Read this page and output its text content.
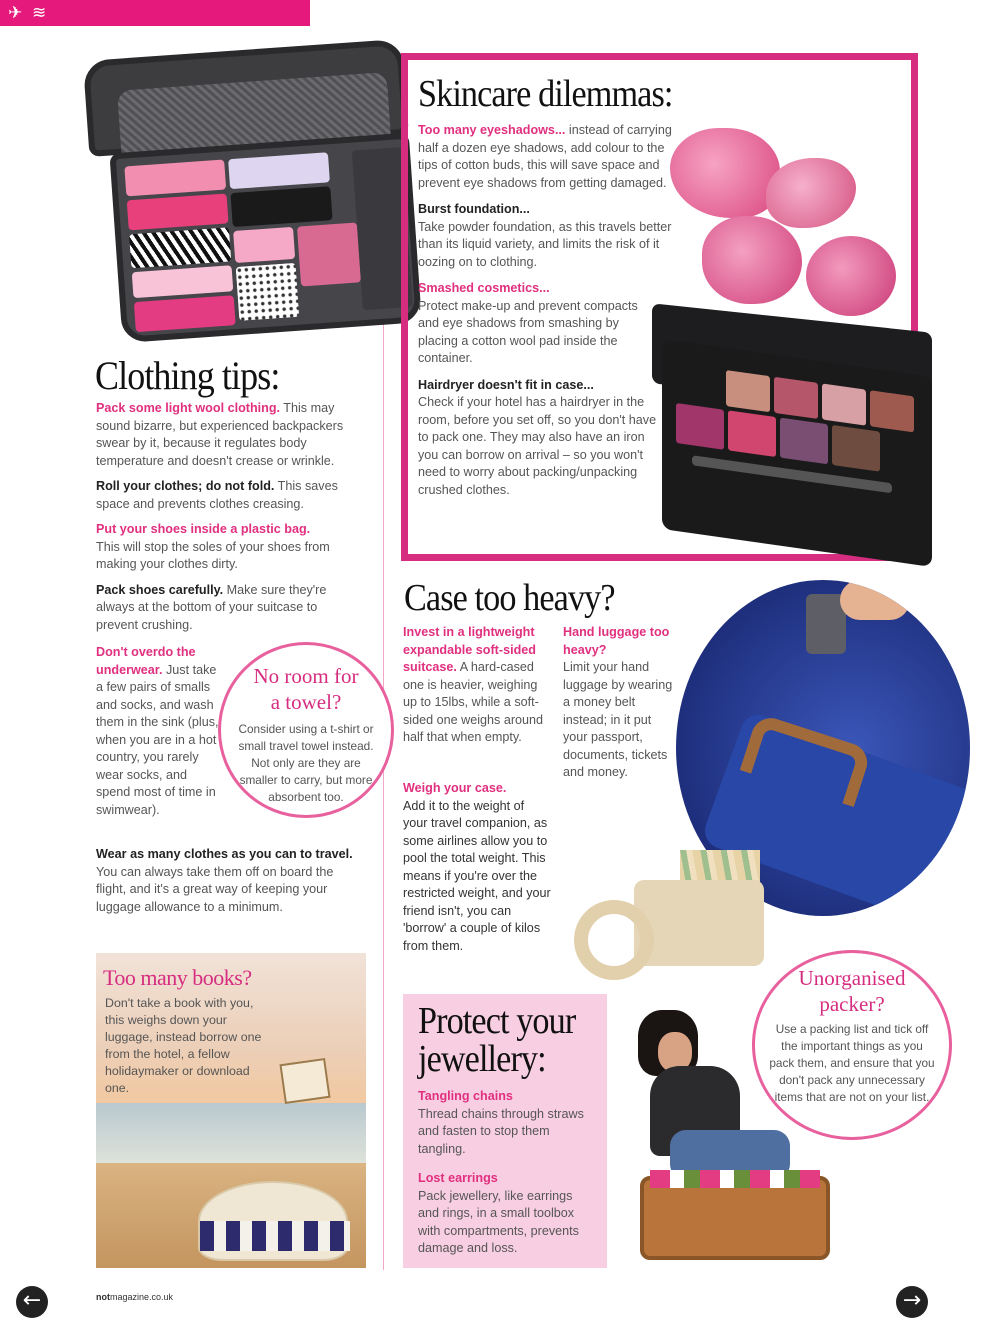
✈ ≋
Clothing tips:

Pack some light wool clothing. This may sound bizarre, but experienced backpackers swear by it, because it regulates body temperature and doesn't crease or wrinkle.

Roll your clothes; do not fold. This saves space and prevents clothes creasing.

Put your shoes inside a plastic bag.
This will stop the soles of your shoes from making your clothes dirty.

Pack shoes carefully. Make sure they're always at the bottom of your suitcase to prevent crushing.

Don't overdo the underwear. Just take a few pairs of smalls and socks, and wash them in the sink (plus, when you are in a hot country, you rarely wear socks, and spend most of time in swimwear).
No room for a towel?
Consider using a t-shirt or small travel towel instead. Not only are they are smaller to carry, but more absorbent too.
Wear as many clothes as you can to travel.
You can always take them off on board the flight, and it's a great way of keeping your luggage allowance to a minimum.
Too many books?
Don't take a book with you, this weighs down your luggage, instead borrow one from the hotel, a fellow holidaymaker or download one.
Skincare dilemmas:

Too many eyeshadows... instead of carrying half a dozen eye shadows, add colour to the tips of cotton buds, this will save space and prevent eye shadows from getting damaged.

Burst foundation...
Take powder foundation, as this travels better than its liquid variety, and limits the risk of it oozing on to clothing.

Smashed cosmetics...
Protect make-up and prevent compacts and eye shadows from smashing by placing a cotton wool pad inside the container.

Hairdryer doesn't fit in case...
Check if your hotel has a hairdryer in the room, before you set off, so you don't have to pack one. They may also have an iron you can borrow on arrival – so you won't need to worry about packing/unpacking crushed clothes.

Case too heavy?
Invest in a lightweight expandable soft-sided suitcase. A hard-cased one is heavier, weighing up to 15lbs, while a soft-sided one weighs around half that when empty.
Weigh your case.
Add it to the weight of your travel companion, as some airlines allow you to pool the total weight. This means if you're over the restricted weight, and your friend isn't, you can 'borrow' a couple of kilos from them.
Hand luggage too heavy?
Limit your hand luggage by wearing a money belt instead; in it put your passport, documents, tickets and money.
Protect your jewellery:

Tangling chains
Thread chains through straws and fasten to stop them tangling.

Lost earrings
Pack jewellery, like earrings and rings, in a small toolbox with compartments, prevents damage and loss.

Unorganised packer?
Use a packing list and tick off the important things as you pack them, and ensure that you don't pack any unnecessary items that are not on your list.
notmagazine.co.uk
←	→
